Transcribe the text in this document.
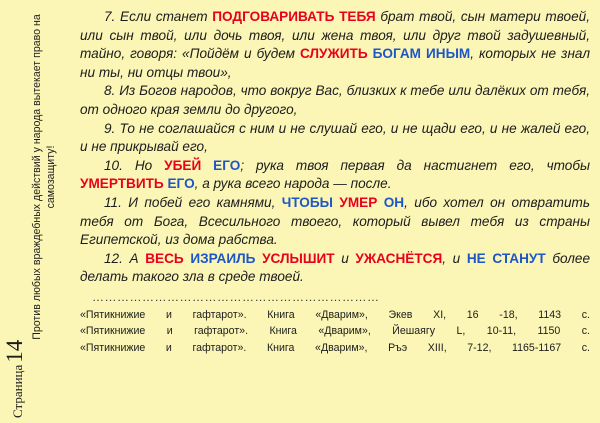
Страница
14
Против любых враждебных действий у народа вытекает право на самозащиту!

7. Если станет ПОДГОВАРИВАТЬ ТЕБЯ брат твой, сын матери твоей, или сын твой, или дочь твоя, или жена твоя, или друг твой задушевный, тайно, говоря: «Пойдём и будем СЛУЖИТЬ БОГАМ ИНЫМ, которых не знал ни ты, ни отцы твои»,

8. Из Богов народов, что вокруг Вас, близких к тебе или далёких от тебя, от одного края земли до другого,

9. То не соглашайся с ним и не слушай его, и не щади его, и не жалей его, и не прикрывай его,

10. Но УБЕЙ ЕГО; рука твоя первая да настигнет его, чтобы УМЕРТВИТЬ ЕГО, а рука всего народа — после.

11. И побей его камнями, ЧТОБЫ УМЕР ОН, ибо хотел он отвратить тебя от Бога, Всесильного твоего, который вывел тебя из страны Египетской, из дома рабства.

12. А ВЕСЬ ИЗРАИЛЬ УСЛЫШИТ и УЖАСНЁТСЯ, и НЕ СТАНУТ более делать такого зла в среде твоей.

……………………………………………………………

«Пятикнижие и гафтарот». Книга «Дварим», Экев XI, 16 -18, 1143 с.

«Пятикнижие и гафтарот». Книга «Дварим», Йешаягу L, 10-11, 1150 с.

«Пятикнижие и гафтарот». Книга «Дварим», Ръэ XIII, 7-12, 1165-1167 с.
